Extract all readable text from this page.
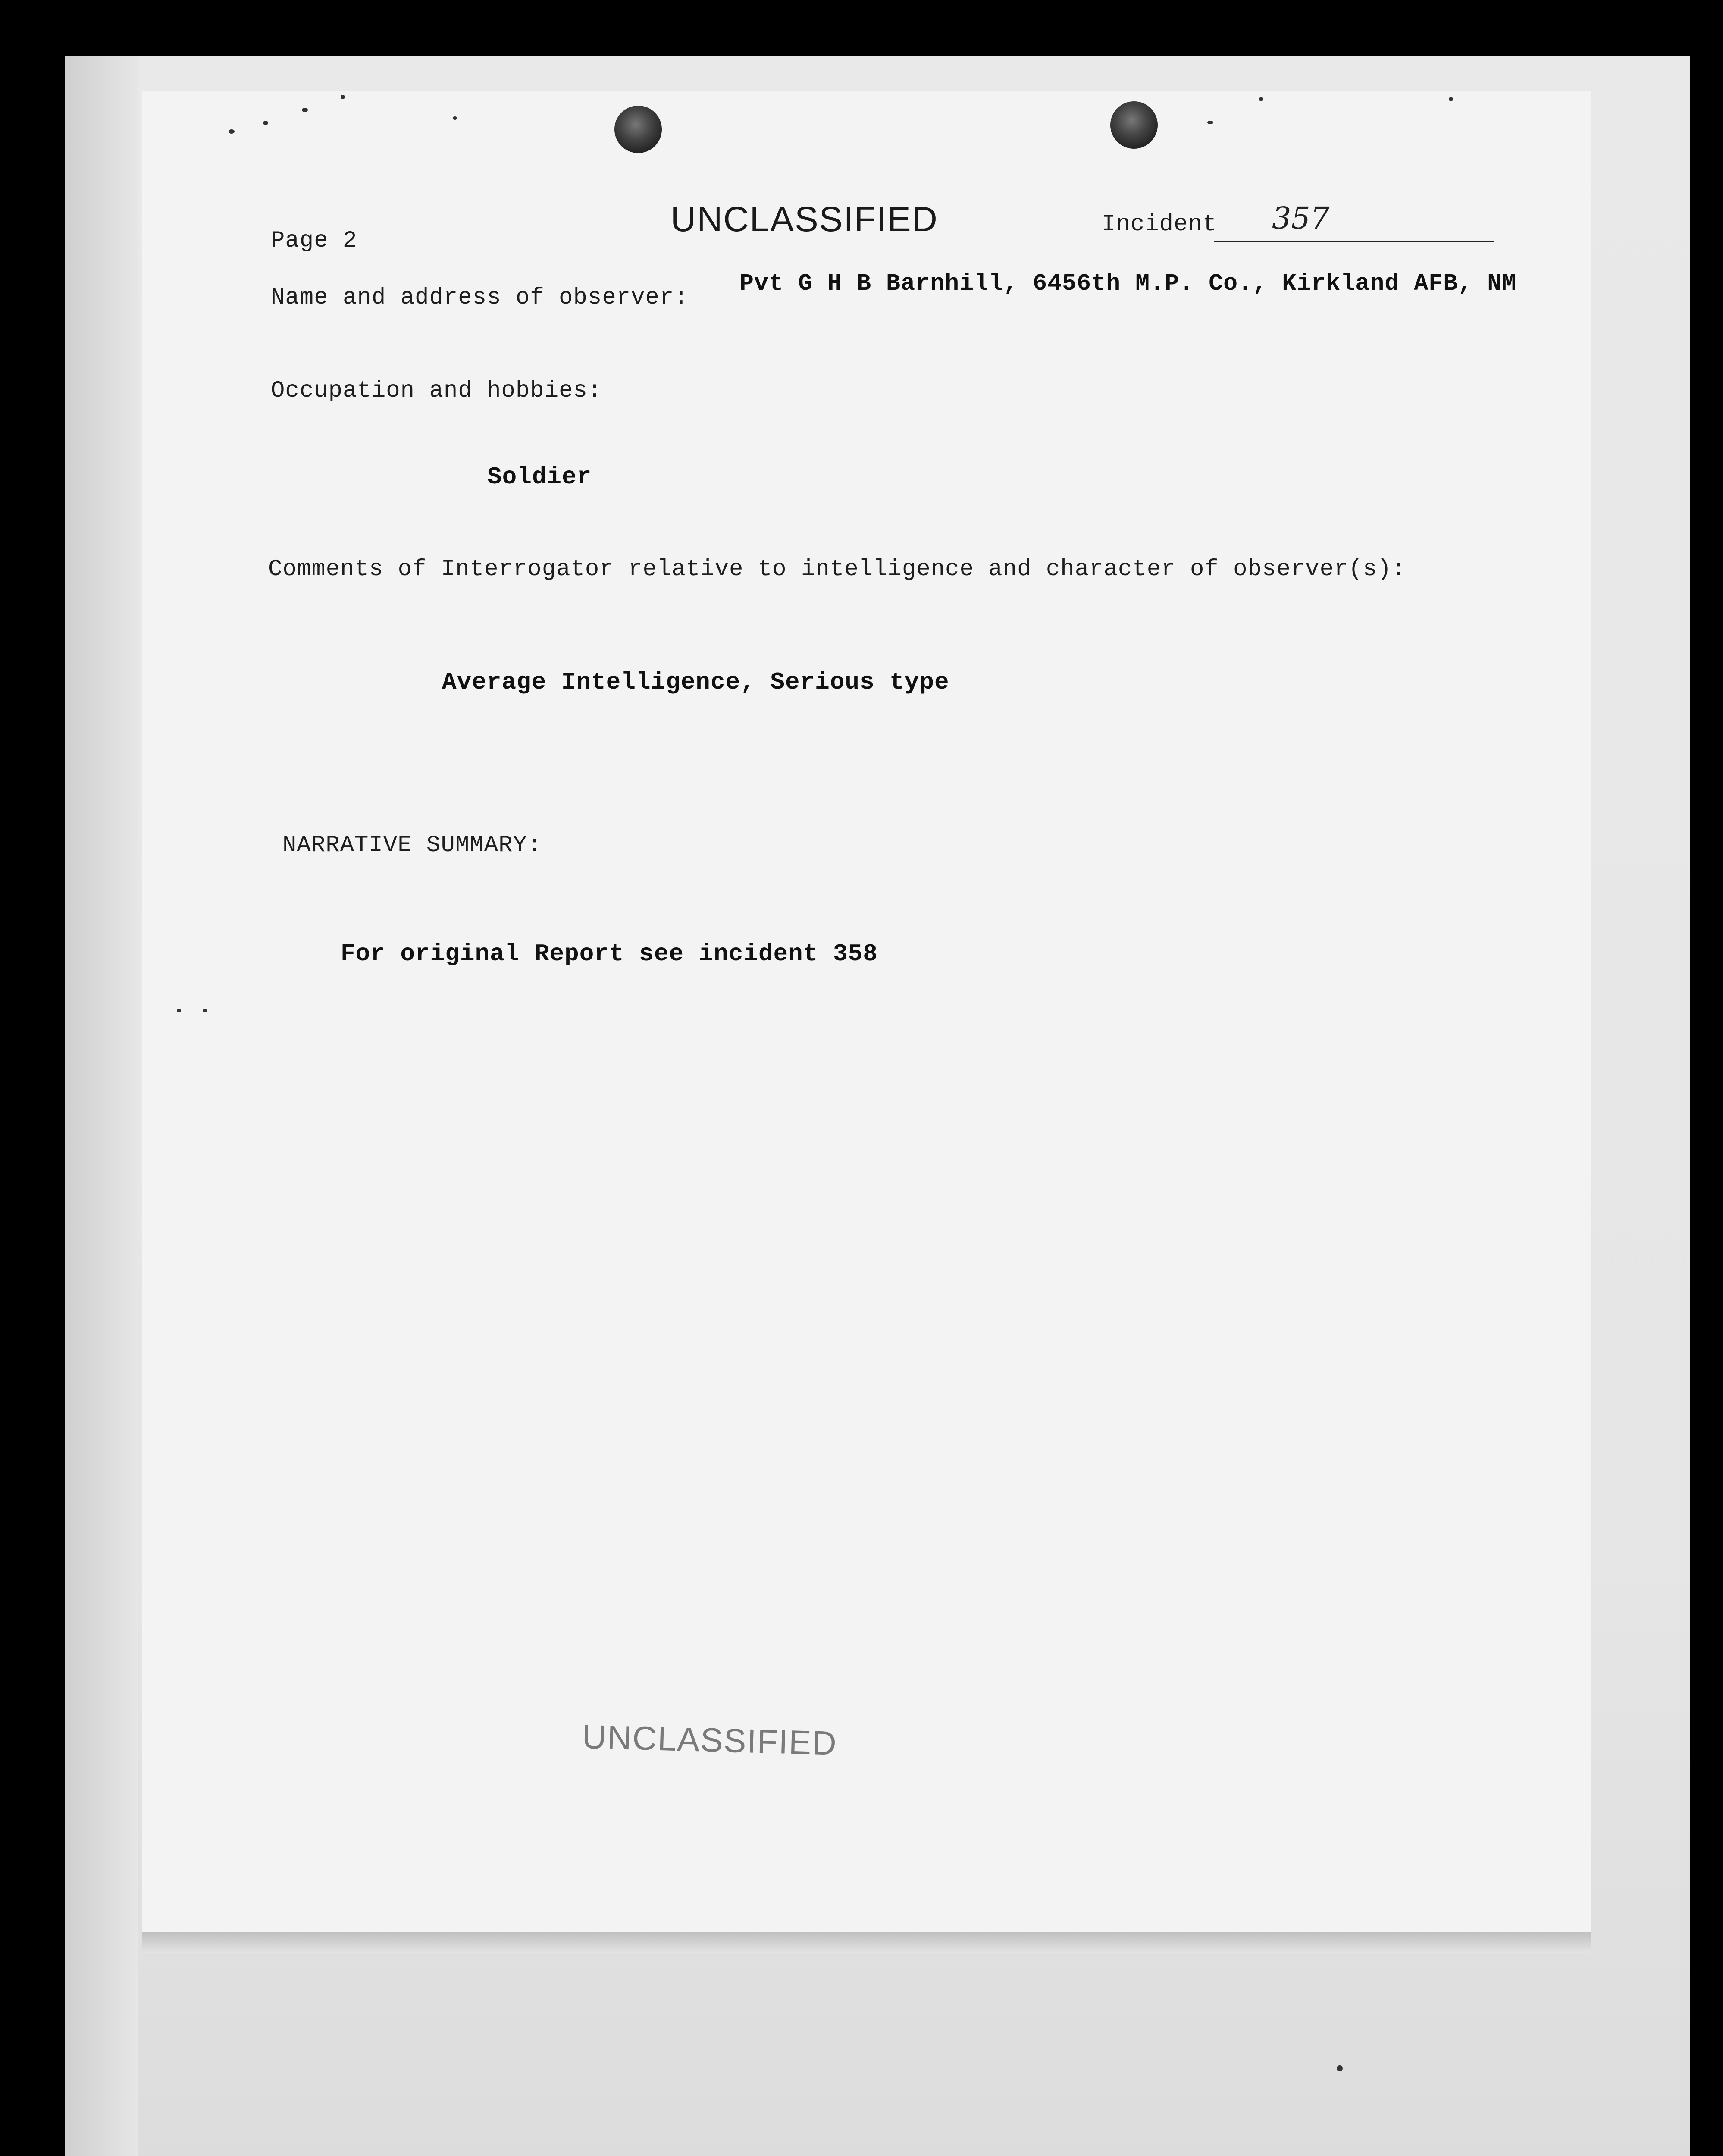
Page 2
UNCLASSIFIED	Incident 357
Name and address of observer:
Pvt G H B Barnhill, 6456th M.P. Co., Kirkland AFB, NM
Occupation and hobbies:
Soldier
Comments of Interrogator relative to intelligence and character of observer(s):
Average Intelligence, Serious type
NARRATIVE SUMMARY:
For original Report see incident 358
UNCLASSIFIED
